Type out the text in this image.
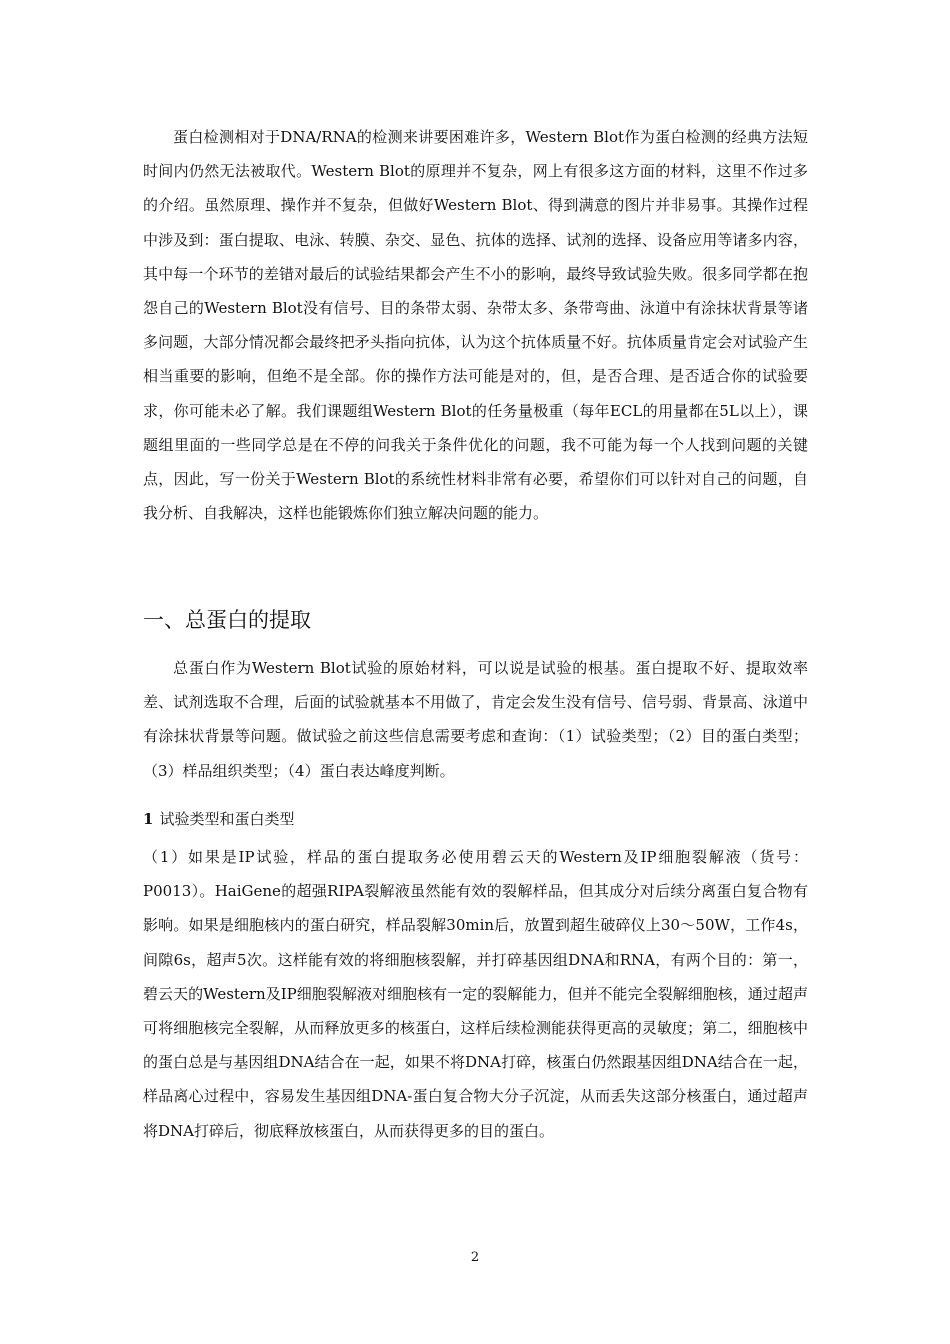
蛋白检测相对于DNA/RNA的检测来讲要困难许多，Western Blot作为蛋白检测的经典方法短时间内仍然无法被取代。Western Blot的原理并不复杂，网上有很多这方面的材料，这里不作过多的介绍。虽然原理、操作并不复杂，但做好Western Blot、得到满意的图片并非易事。其操作过程中涉及到：蛋白提取、电泳、转膜、杂交、显色、抗体的选择、试剂的选择、设备应用等诸多内容，其中每一个环节的差错对最后的试验结果都会产生不小的影响，最终导致试验失败。很多同学都在抱怨自己的Western Blot没有信号、目的条带太弱、杂带太多、条带弯曲、泳道中有涂抹状背景等诸多问题，大部分情况都会最终把矛头指向抗体，认为这个抗体质量不好。抗体质量肯定会对试验产生相当重要的影响，但绝不是全部。你的操作方法可能是对的，但，是否合理、是否适合你的试验要求，你可能未必了解。我们课题组Western Blot的任务量极重（每年ECL的用量都在5L以上），课题组里面的一些同学总是在不停的问我关于条件优化的问题，我不可能为每一个人找到问题的关键点，因此，写一份关于Western Blot的系统性材料非常有必要，希望你们可以针对自己的问题，自我分析、自我解决，这样也能锻炼你们独立解决问题的能力。

一、总蛋白的提取

总蛋白作为Western Blot试验的原始材料，可以说是试验的根基。蛋白提取不好、提取效率差、试剂选取不合理，后面的试验就基本不用做了，肯定会发生没有信号、信号弱、背景高、泳道中有涂抹状背景等问题。做试验之前这些信息需要考虑和查询：（1）试验类型；（2）目的蛋白类型；（3）样品组织类型；（4）蛋白表达峰度判断。

1 试验类型和蛋白类型

（1）如果是IP试验，样品的蛋白提取务必使用碧云天的Western及IP细胞裂解液（货号：P0013）。HaiGene的超强RIPA裂解液虽然能有效的裂解样品，但其成分对后续分离蛋白复合物有影响。如果是细胞核内的蛋白研究，样品裂解30min后，放置到超生破碎仪上30～50W，工作4s，间隙6s，超声5次。这样能有效的将细胞核裂解，并打碎基因组DNA和RNA，有两个目的：第一，碧云天的Western及IP细胞裂解液对细胞核有一定的裂解能力，但并不能完全裂解细胞核，通过超声可将细胞核完全裂解，从而释放更多的核蛋白，这样后续检测能获得更高的灵敏度；第二，细胞核中的蛋白总是与基因组DNA结合在一起，如果不将DNA打碎，核蛋白仍然跟基因组DNA结合在一起，样品离心过程中，容易发生基因组DNA-蛋白复合物大分子沉淀，从而丢失这部分核蛋白，通过超声将DNA打碎后，彻底释放核蛋白，从而获得更多的目的蛋白。

2
